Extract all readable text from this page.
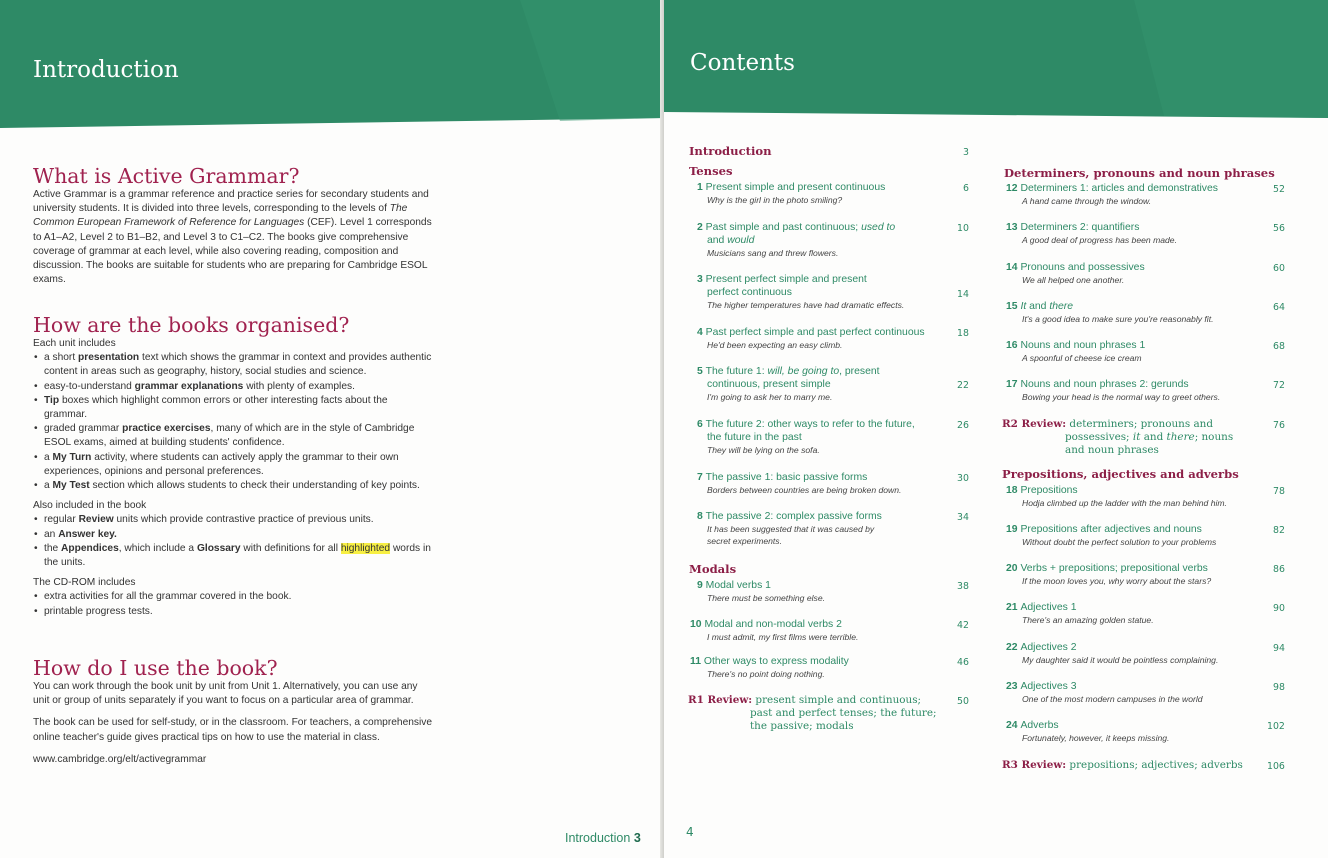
Introduction
What is Active Grammar?

Active Grammar is a grammar reference and practice series for secondary students and university students. It is divided into three levels, corresponding to the levels of The Common European Framework of Reference for Languages (CEF). Level 1 corresponds to A1–A2, Level 2 to B1–B2, and Level 3 to C1–C2. The books give comprehensive coverage of grammar at each level, while also covering reading, composition and discussion. The books are suitable for students who are preparing for Cambridge ESOL exams.

How are the books organised?

Each unit includes

• a short presentation text which shows the grammar in context and provides authentic content in areas such as geography, history, social studies and science.
• easy-to-understand grammar explanations with plenty of examples.
• Tip boxes which highlight common errors or other interesting facts about the grammar.
• graded grammar practice exercises, many of which are in the style of Cambridge ESOL exams, aimed at building students' confidence.
• a My Turn activity, where students can actively apply the grammar to their own experiences, opinions and personal preferences.
• a My Test section which allows students to check their understanding of key points.

Also included in the book

• regular Review units which provide contrastive practice of previous units.
• an Answer key.
• the Appendices, which include a Glossary with definitions for all highlighted words in the units.

The CD-ROM includes

• extra activities for all the grammar covered in the book.
• printable progress tests.
How do I use the book?

You can work through the book unit by unit from Unit 1. Alternatively, you can use any unit or group of units separately if you want to focus on a particular area of grammar.

The book can be used for self-study, or in the classroom. For teachers, a comprehensive online teacher's guide gives practical tips on how to use the material in class.

www.cambridge.org/elt/activegrammar

Introduction 3
Contents
Introduction	3
Tenses
1 Present simple and present continuous
Why is the girl in the photo smiling?
6
2 Past simple and past continuous; used to
and would
Musicians sang and threw flowers.
10
3 Present perfect simple and present
perfect continuous
The higher temperatures have had dramatic effects.
14
4 Past perfect simple and past perfect continuous
He'd been expecting an easy climb.
18
5 The future 1: will, be going to, present
continuous, present simple
I'm going to ask her to marry me.
22
6 The future 2: other ways to refer to the future,
the future in the past
They will be lying on the sofa.
26
7 The passive 1: basic passive forms
Borders between countries are being broken down.
30
8 The passive 2: complex passive forms
It has been suggested that it was caused by
secret experiments.
34
Modals
9 Modal verbs 1
There must be something else.
38
10 Modal and non-modal verbs 2
I must admit, my first films were terrible.
42
11 Other ways to express modality
There's no point doing nothing.
46
R1 Review: present simple and continuous;
past and perfect tenses; the future;
the passive; modals
50
Determiners, pronouns and noun phrases
12 Determiners 1: articles and demonstratives
A hand came through the window.
52
13 Determiners 2: quantifiers
A good deal of progress has been made.
56
14 Pronouns and possessives
We all helped one another.
60
15 It and there
It's a good idea to make sure you're reasonably fit.
64
16 Nouns and noun phrases 1
A spoonful of cheese ice cream
68
17 Nouns and noun phrases 2: gerunds
Bowing your head is the normal way to greet others.
72
R2 Review: determiners; pronouns and
possessives; it and there; nouns
and noun phrases
76
Prepositions, adjectives and adverbs
18 Prepositions
Hodja climbed up the ladder with the man behind him.
78
19 Prepositions after adjectives and nouns
Without doubt the perfect solution to your problems
82
20 Verbs + prepositions; prepositional verbs
If the moon loves you, why worry about the stars?
86
21 Adjectives 1
There's an amazing golden statue.
90
22 Adjectives 2
My daughter said it would be pointless complaining.
94
23 Adjectives 3
One of the most modern campuses in the world
98
24 Adverbs
Fortunately, however, it keeps missing.
102
R3 Review: prepositions; adjectives; adverbs	106
4
